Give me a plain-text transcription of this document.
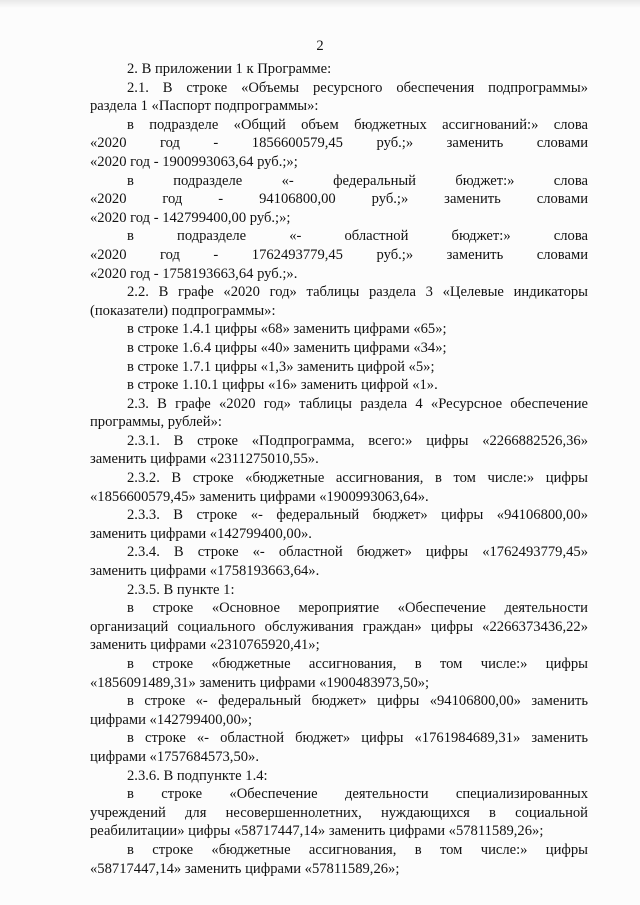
2
2. В приложении 1 к Программе:
2.1. В строке «Объемы ресурсного обеспечения подпрограммы»
раздела 1 «Паспорт подпрограммы»:
в подразделе «Общий объем бюджетных ассигнований:» слова
«2020 год - 1856600579,45 руб.;» заменить словами
«2020 год - 1900993063,64 руб.;»;
в подразделе «- федеральный бюджет:» слова
«2020 год - 94106800,00 руб.;» заменить словами
«2020 год - 142799400,00 руб.;»;
в подразделе «- областной бюджет:» слова
«2020 год - 1762493779,45 руб.;» заменить словами
«2020 год - 1758193663,64 руб.;».
2.2. В графе «2020 год» таблицы раздела 3 «Целевые индикаторы
(показатели) подпрограммы»:
в строке 1.4.1 цифры «68» заменить цифрами «65»;
в строке 1.6.4 цифры «40» заменить цифрами «34»;
в строке 1.7.1 цифры «1,3» заменить цифрой «5»;
в строке 1.10.1 цифры «16» заменить цифрой «1».
2.3. В графе «2020 год» таблицы раздела 4 «Ресурсное обеспечение
программы, рублей»:
2.3.1. В строке «Подпрограмма, всего:» цифры «2266882526,36»
заменить цифрами «2311275010,55».
2.3.2. В строке «бюджетные ассигнования, в том числе:» цифры
«1856600579,45» заменить цифрами «1900993063,64».
2.3.3. В строке «- федеральный бюджет» цифры «94106800,00»
заменить цифрами «142799400,00».
2.3.4. В строке «- областной бюджет» цифры «1762493779,45»
заменить цифрами «1758193663,64».
2.3.5. В пункте 1:
в строке «Основное мероприятие «Обеспечение деятельности
организаций социального обслуживания граждан» цифры «2266373436,22»
заменить цифрами «2310765920,41»;
в строке «бюджетные ассигнования, в том числе:» цифры
«1856091489,31» заменить цифрами «1900483973,50»;
в строке «- федеральный бюджет» цифры «94106800,00» заменить
цифрами «142799400,00»;
в строке «- областной бюджет» цифры «1761984689,31» заменить
цифрами «1757684573,50».
2.3.6. В подпункте 1.4:
в строке «Обеспечение деятельности специализированных
учреждений для несовершеннолетних, нуждающихся в социальной
реабилитации» цифры «58717447,14» заменить цифрами «57811589,26»;
в строке «бюджетные ассигнования, в том числе:» цифры
«58717447,14» заменить цифрами «57811589,26»;
